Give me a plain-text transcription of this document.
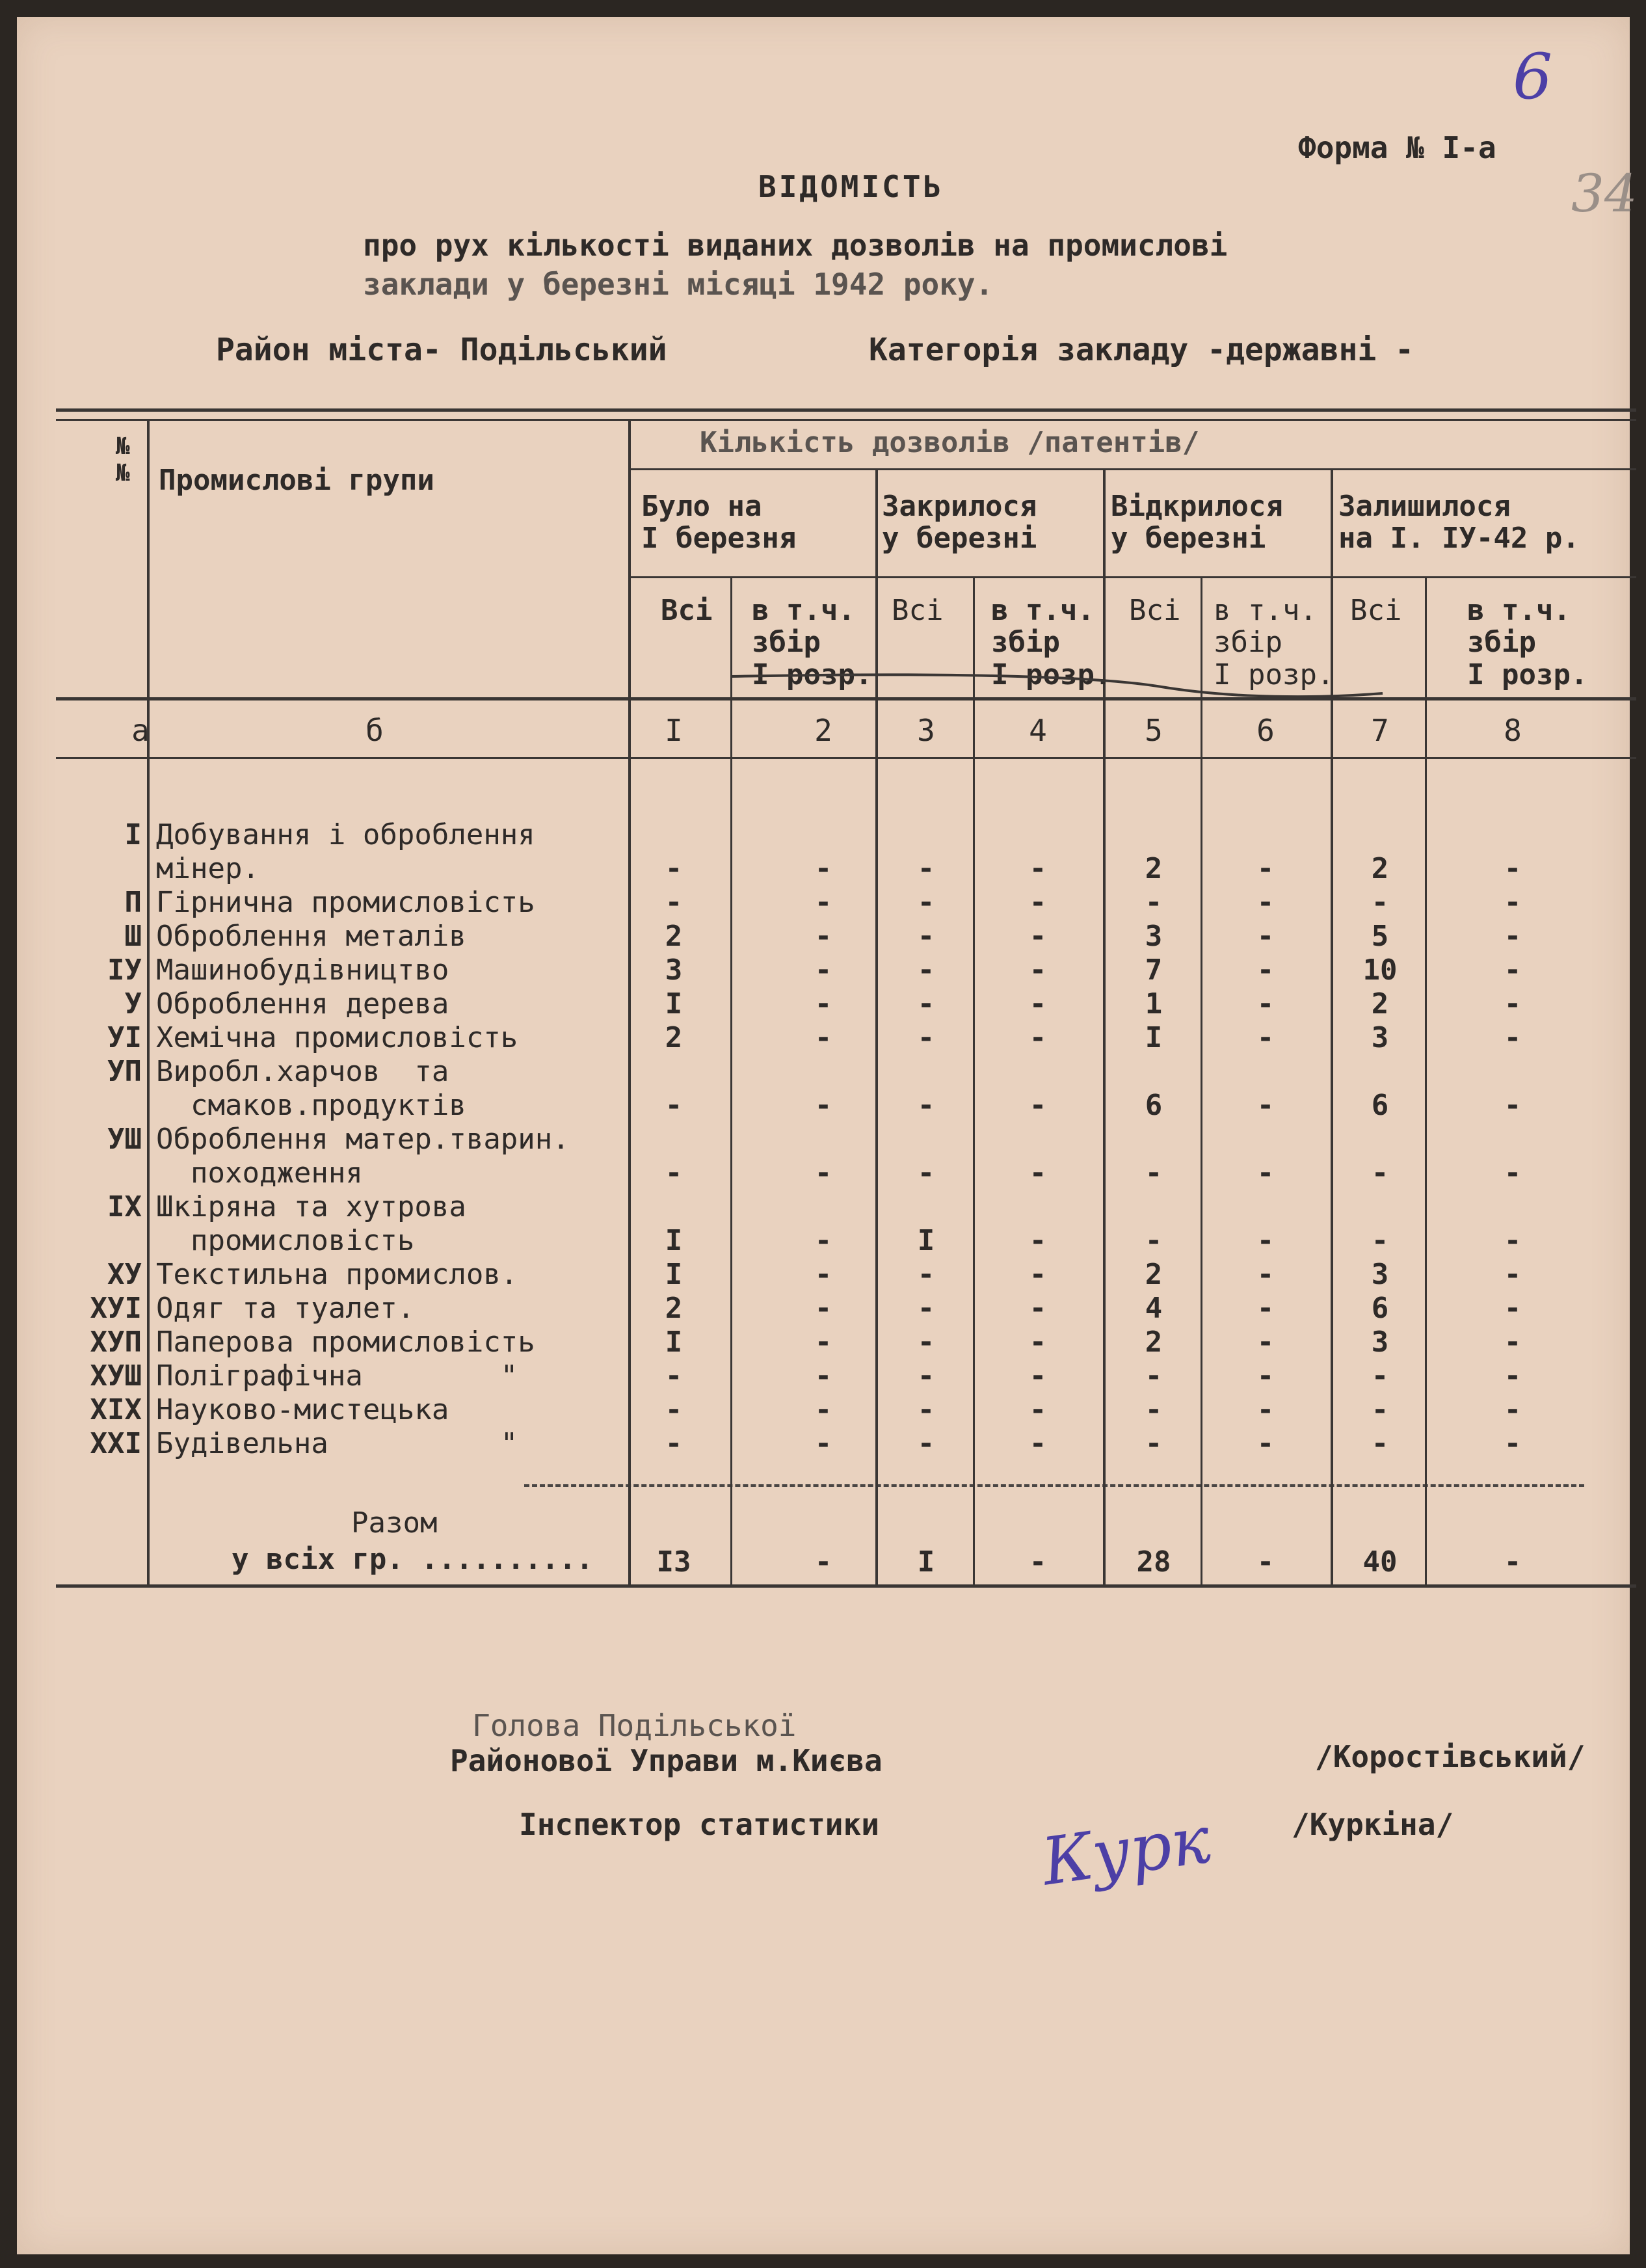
6
34
Форма № I-а
ВІДОМІСТЬ
про рух кількості виданих дозволів на промислові
заклади у березні місяці 1942 року.
Район міста- Подільський	Категорія закладу -державні -
№№ Промислові групи
Кількість дозволів /патентів/
Було на
I березня
Закрилося
у березні
Відкрилося
у березні
Залишилося
на I. IУ-42 р.
Всі в т.ч.
збір
I розр.
Всі в т.ч.
збір
I розр.
Всі в т.ч.
збір
I розр.
Всі в т.ч.
збір
I розр.
а	б	I	2	3	4	5	6	7	8
I Добування і оброблення
мінер.	-	-	-	-	2	-	2	-
П Гірнична промисловість	-	-	-	-	-	-	-	-
Ш Оброблення металів	2	-	-	-	3	-	5	-
IУ Машинобудівництво	3	-	-	-	7	-	10	-
У Оброблення дерева	I	-	-	-	1	-	2	-
УI Хемічна промисловість	2	-	-	-	I	-	3	-
УП Виробл.харчов  та
смаков.продуктів	-	-	-	-	6	-	6	-
УШ Оброблення матер.тварин.
походження	-	-	-	-	-	-	-	-
IХ Шкіряна та хутрова
промисловість	I	-	I	-	-	-	-	-
ХУ Текстильна промислов.	I	-	-	-	2	-	3	-
ХУI Одяг та туалет.	2	-	-	-	4	-	6	-
ХУП Паперова промисловість	I	-	-	-	2	-	3	-
ХУШ Поліграфічна        "	-	-	-	-	-	-	-	-
ХIХ Науково-мистецька	-	-	-	-	-	-	-	-
ХХI Будівельна          "	-	-	-	-	-	-	-	-
Разом
у всіх гр. ..........	I3	-	I	-	28	-	40	-
Голова Подільської
Районової Управи м.Києва	/Коростівський/
Інспектор статистики	/Куркіна/
Курк
